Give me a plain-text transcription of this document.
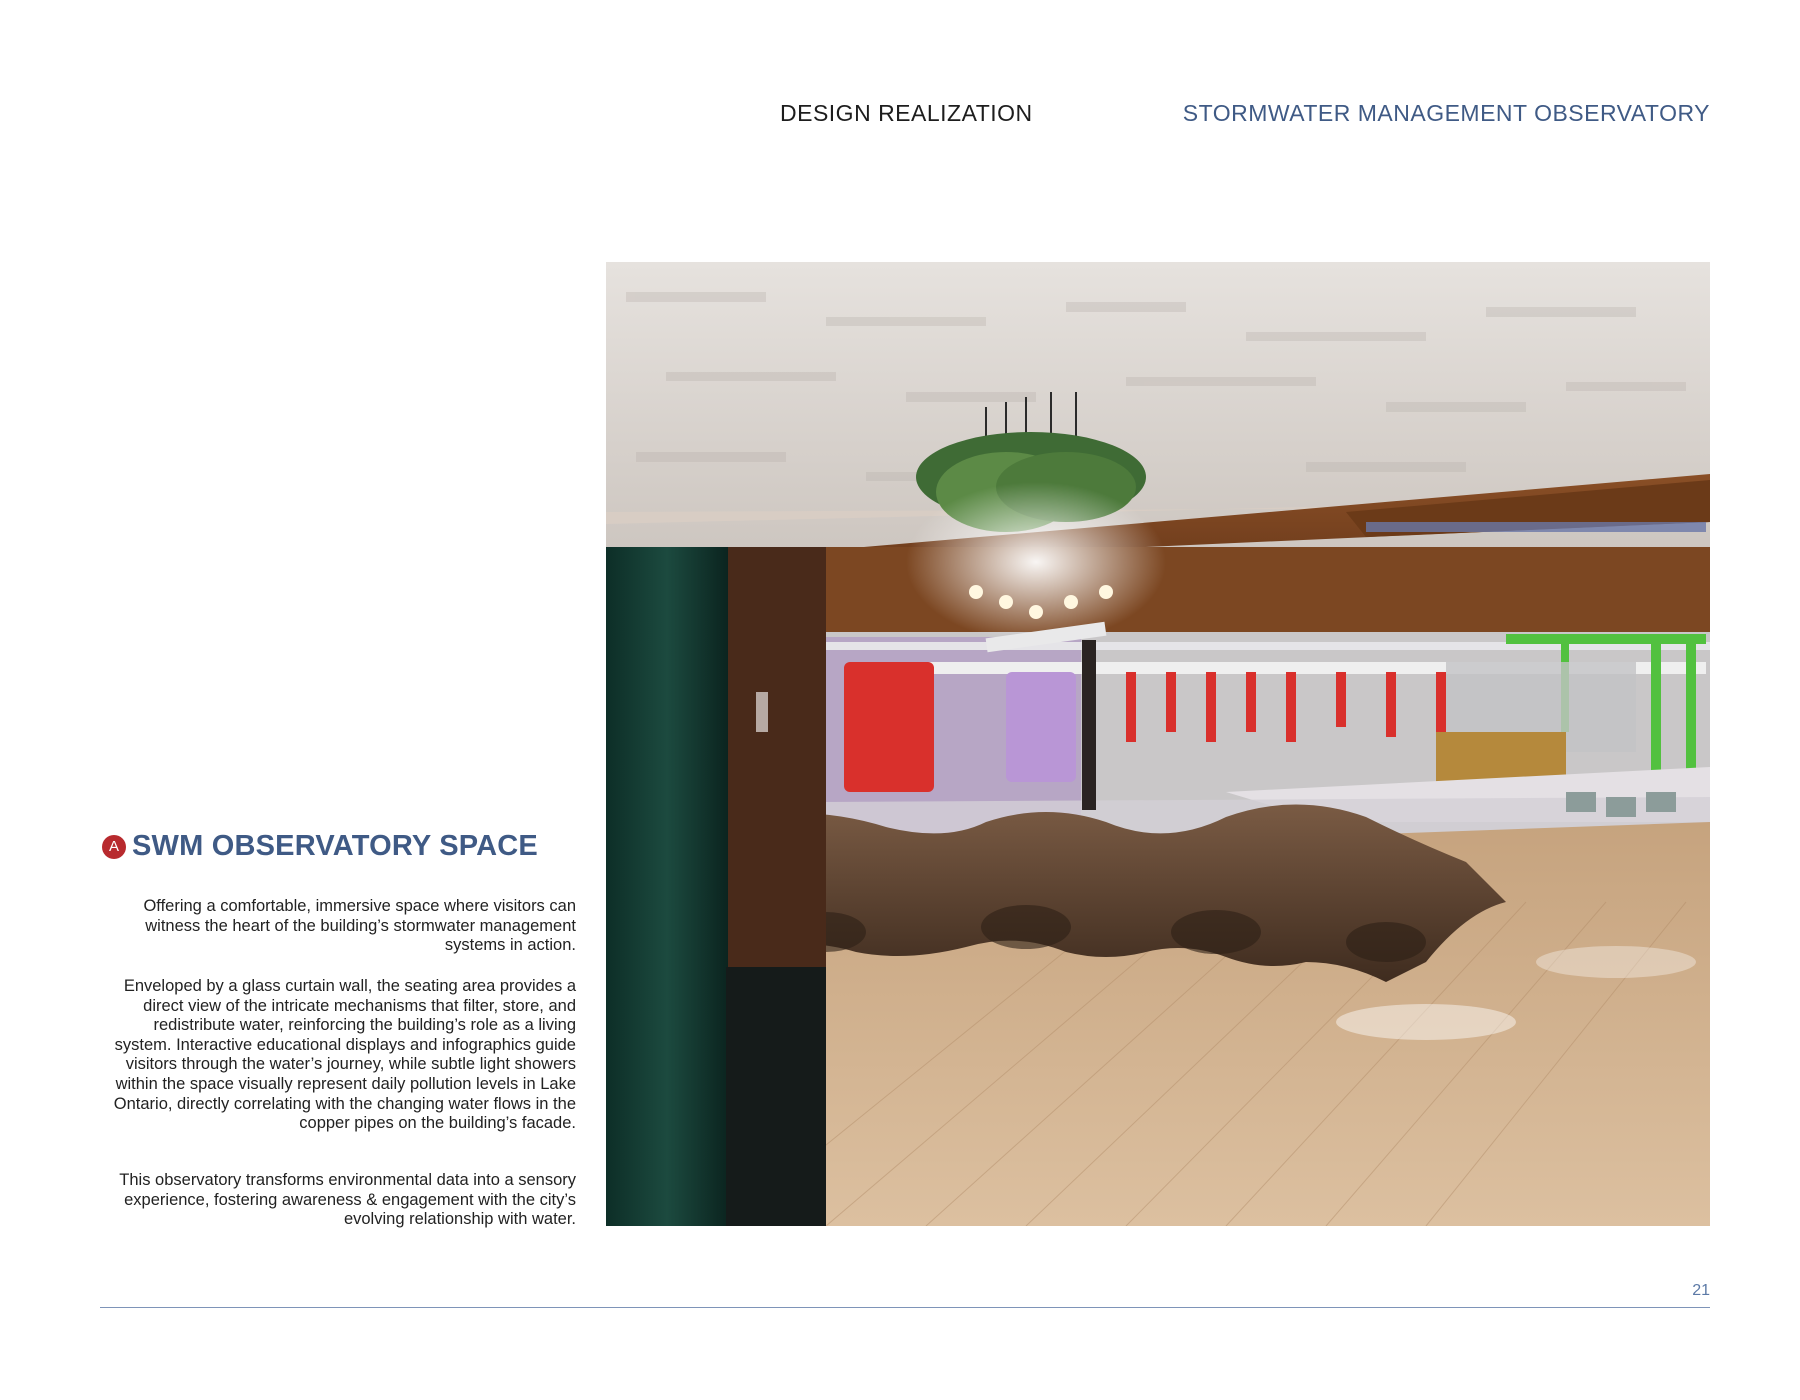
DESIGN REALIZATION	STORMWATER MANAGEMENT OBSERVATORY
A SWM OBSERVATORY SPACE
Offering a comfortable, immersive space where visitors can witness the heart of the building’s stormwater management systems in action.
Enveloped by a glass curtain wall, the seating area provides a direct view of the intricate mechanisms that filter, store, and redistribute water, reinforcing the building’s role as a living system. Interactive educational displays and infographics guide visitors through the water’s journey, while subtle light showers within the space visually represent daily pollution levels in Lake Ontario, directly correlating with the changing water flows in the copper pipes on the building’s facade.
This observatory transforms environmental data into a sensory experience, fostering awareness & engagement with the city’s evolving relationship with water.
21
